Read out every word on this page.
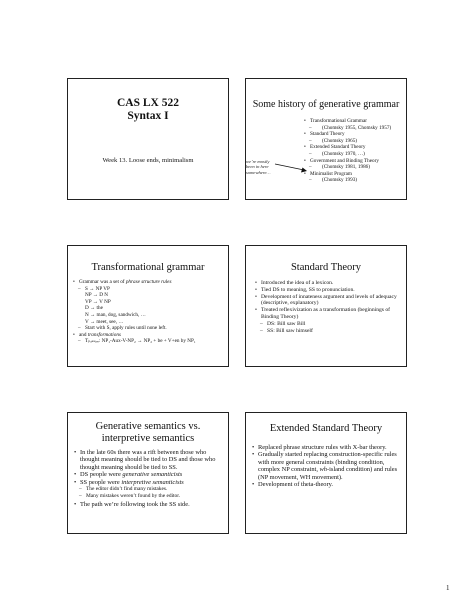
CAS LX 522
Syntax I
Week 13. Loose ends, minimalism
Some history of generative grammar
• Transformational Grammar
– (Chomsky 1955, Chomsky 1957)
• Standard Theory
– (Chomsky 1965)
• Extended Standard Theory
– (Chomsky 1970, …)
• Government and Binding Theory
– (Chomsky 1981, 1986)
• Minimalist Program
– (Chomsky 1993)
we’re mostly
been in here
somewhere…
Transformational grammar
• Grammar was a set of phrase structure rules
– S → NP VP
NP → D N
VP → V NP
D → the
N → man, dog, sandwich, …
V → meet, see, …
– Start with S, apply rules until none left.
• and transformations
– Tₚₐₛₛᵢᵥₑ: NP₁-Aux-V-NP₂ → NP₂ + be + V+en by NP₁
Standard Theory
• Introduced the idea of a lexicon.
• Tied DS to meaning, SS to pronunciation.
• Development of innateness argument and levels of adequacy (descriptive, explanatory)
• Treated reflexivization as a transformation (beginnings of Binding Theory)
– DS: Bill saw Bill
– SS: Bill saw himself
Generative semantics vs.
interpretive semantics
• In the late 60s there was a rift between those who thought meaning should be tied to DS and those who thought meaning should be tied to SS.
• DS people were generative semanticists
• SS people were interpretive semanticists
– The editor didn’t find many mistakes.
– Many mistakes weren’t found by the editor.
• The path we’re following took the SS side.
Extended Standard Theory
• Replaced phrase structure rules with X-bar theory.
• Gradually started replacing construction-specific rules with more general constraints (binding condition, complex NP constraint, wh-island condition) and rules (NP movement, WH movement).
• Development of theta-theory.
1
